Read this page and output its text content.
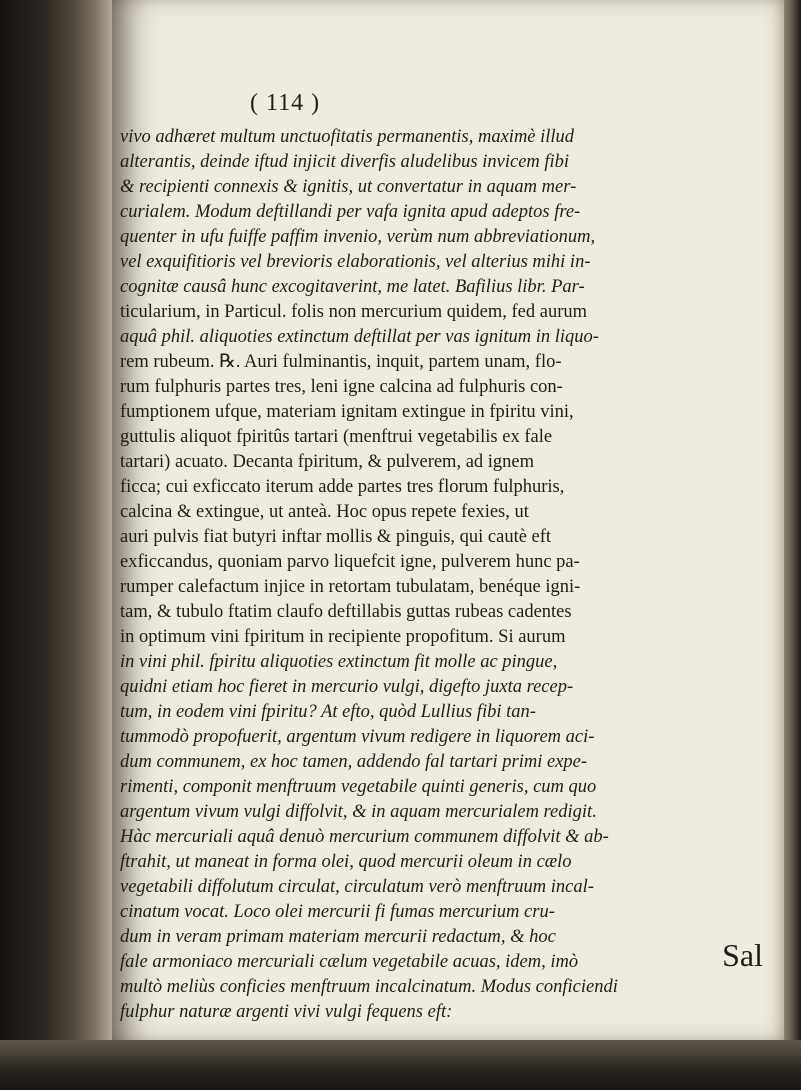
( 114 )
vivo adhæret multum unctuofitatis permanentis, maximè illud
alterantis, deinde iftud injicit diverfis aludelibus invicem fibi
& recipienti connexis & ignitis, ut convertatur in aquam mer-
curialem. Modum deftillandi per vafa ignita apud adeptos fre-
quenter in ufu fuiffe paffim invenio, verùm num abbreviationum,
vel exquifitioris vel brevioris elaborationis, vel alterius mihi in-
cognitæ causâ hunc excogitaverint, me latet. Bafilius libr. Par-
ticularium, in Particul. folis non mercurium quidem, fed aurum
aquâ phil. aliquoties extinctum deftillat per vas ignitum in liquo-
rem rubeum. ℞. Auri fulminantis, inquit, partem unam, flo-
rum fulphuris partes tres, leni igne calcina ad fulphuris con-
fumptionem ufque, materiam ignitam extingue in fpiritu vini,
guttulis aliquot fpiritûs tartari (menftrui vegetabilis ex fale
tartari) acuato. Decanta fpiritum, & pulverem, ad ignem
ficca; cui exficcato iterum adde partes tres florum fulphuris,
calcina & extingue, ut anteà. Hoc opus repete fexies, ut
auri pulvis fiat butyri inftar mollis & pinguis, qui cautè eft
exficcandus, quoniam parvo liquefcit igne, pulverem hunc pa-
rumper calefactum injice in retortam tubulatam, benéque igni-
tam, & tubulo ftatim claufo deftillabis guttas rubeas cadentes
in optimum vini fpiritum in recipiente propofitum. Si aurum
in vini phil. fpiritu aliquoties extinctum fit molle ac pingue,
quidni etiam hoc fieret in mercurio vulgi, digefto juxta recep-
tum, in eodem vini fpiritu? At efto, quòd Lullius fibi tan-
tummodò propofuerit, argentum vivum redigere in liquorem aci-
dum communem, ex hoc tamen, addendo fal tartari primi expe-
rimenti, componit menftruum vegetabile quinti generis, cum quo
argentum vivum vulgi diffolvit, & in aquam mercurialem redigit.
Hàc mercuriali aquâ denuò mercurium communem diffolvit & ab-
ftrahit, ut maneat in forma olei, quod mercurii oleum in cælo
vegetabili diffolutum circulat, circulatum verò menftruum incal-
cinatum vocat. Loco olei mercurii fi fumas mercurium cru-
dum in veram primam materiam mercurii redactum, & hoc
fale armoniaco mercuriali cælum vegetabile acuas, idem, imò
multò meliùs conficies menftruum incalcinatum. Modus conficiendi
fulphur naturæ argenti vivi vulgi fequens eft:
Sal
